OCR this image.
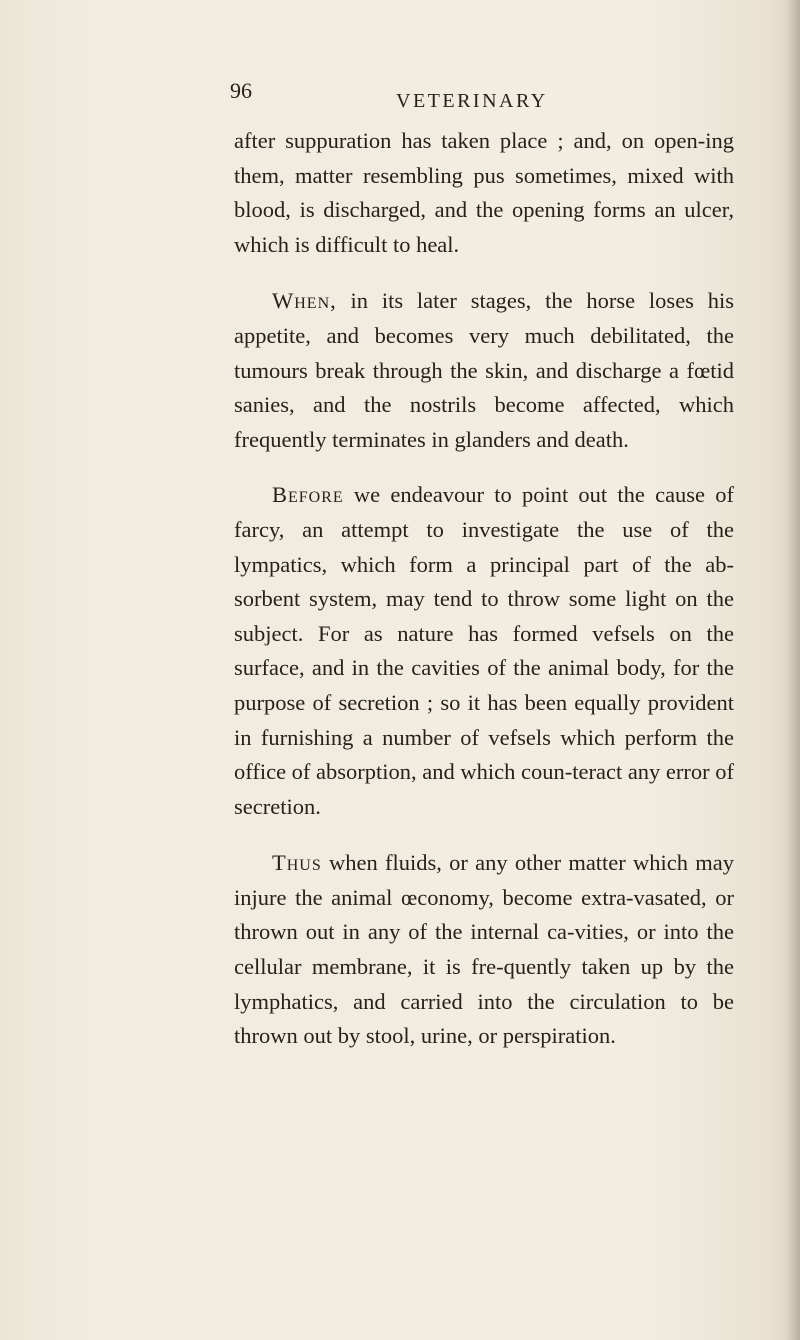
96	VETERINARY

after suppuration has taken place ; and, on open-ing them, matter resembling pus sometimes, mixed with blood, is discharged, and the opening forms an ulcer, which is difficult to heal.

When, in its later stages, the horse loses his appetite, and becomes very much debilitated, the tumours break through the skin, and discharge a fœtid sanies, and the nostrils become affected, which frequently terminates in glanders and death.

Before we endeavour to point out the cause of farcy, an attempt to investigate the use of the lympatics, which form a principal part of the ab-sorbent system, may tend to throw some light on the subject. For as nature has formed vefsels on the surface, and in the cavities of the animal body, for the purpose of secretion ; so it has been equally provident in furnishing a number of vefsels which perform the office of absorption, and which coun-teract any error of secretion.

Thus when fluids, or any other matter which may injure the animal œconomy, become extra-vasated, or thrown out in any of the internal ca-vities, or into the cellular membrane, it is fre-quently taken up by the lymphatics, and carried into the circulation to be thrown out by stool, urine, or perspiration.
